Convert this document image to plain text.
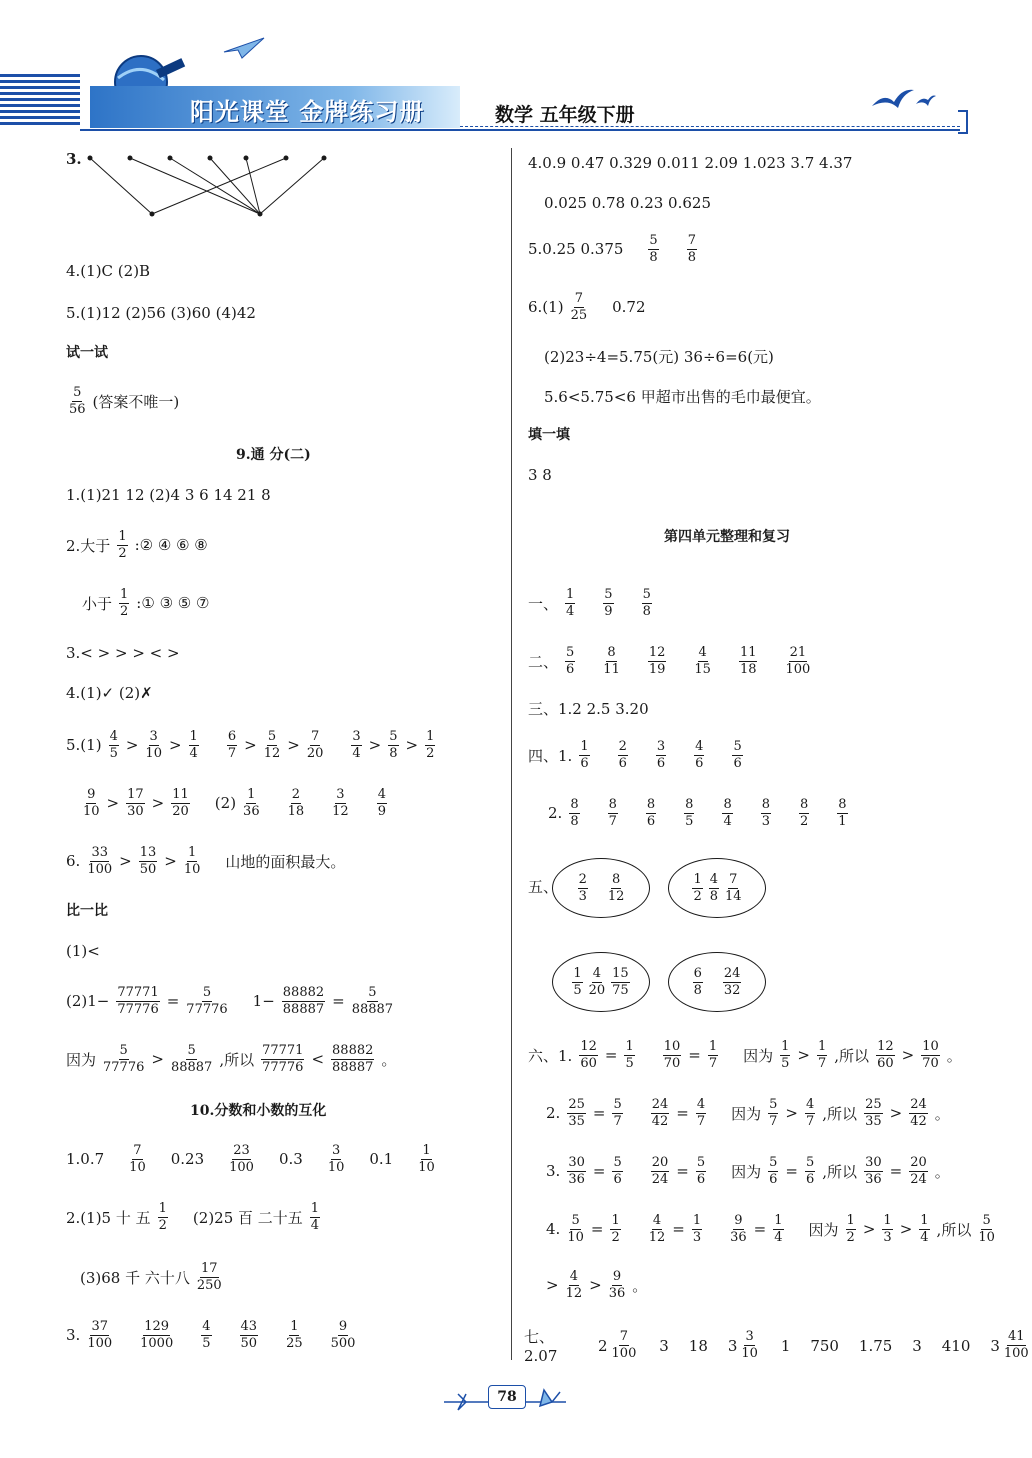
阳光课堂 金牌练习册	数学 五年级下册
3.
4.(1)C (2)B
5.(1)12 (2)56 (3)60 (4)42
试一试
5
56 (答案不唯一)
9.通 分(二)
1.(1)21 12 (2)4 3 6 14 21 8
2.大于
1
2 :② ④ ⑥ ⑧
小于
1
2 :① ③ ⑤ ⑦
3.< > > > < >
4.(1)✓ (2)✗
5.(1) 4
5 > 3
10 > 1
4
6
7 > 5
12 > 7
20
3
4 > 5
8 > 1
2
9
10 > 17
30 > 11
20 (2) 1
36
2
18
3
12
4
9
6. 33
100 > 13
50 > 1
10 山地的面积最大。
比一比
(1)<
$(2)1- \frac{77771}{77776} = 5$
77776 $1- \frac{88882}{88887} = 5$
88887
因为
5
77776 > 5
88887 ,所以
77771
77776 < 88882
88887 。
10.分数和小数的互化
1.0.7 7
10 0.23 23
100 0.3 3
10 0.1 1
10
2.(1)5 十 五
1
2 (2)25 百 二十五
1
4
(3)68 千 六十八
17
250
3. 37
100
129
1000
4
5
43
50
1
25
9
500
4.0.9 0.47 0.329 0.011 2.09 1.023 3.7 4.37
0.025 0.78 0.23 0.625
5.0.25 0.375 5
8
7
8
6.(1) 7
25 0.72
(2)23÷4=5.75(元) 36÷6=6(元)
5.6<5.75<6 甲超市出售的毛巾最便宜。
填一填
3 8
第四单元整理和复习
一、
1
4
5
9
5
8
二、
5
6
8
11
12
19
4
15
11
18
21
100
三、1.2 2.5 3.20
四、1.
1
6
2
6
3
6
4
6
5
6
2. 8
8
8
7
8
6
8
5
8
4
8
3
8
2
8
1
五、 2
3
8
12
1
2
4
8
7
14
1
5
4
20
15
75
6
8
24
32
六、1.
12
60 = 1
5
10
70 = 1
7 因为
1
5 > 1
7 ,所以
12
60 > 10
70 。
2. 25
35 = 5
7
24
42 = 4
7 因为
5
7 > 4
7 ,所以
25
35 > 24
42 。
3. 30
36 = 5
6
20
24 = 5
6 因为
5
6 = 5
6 ,所以
30
36 = 20
24 。
4. 5
10 = 1
2
4
12 = 1
3
9
36 = 1
4 因为
1
2 > 1
3 > 1
4 ,所以
5
10
> 4
12 > 9
36 。
七、2.07
2 7
100 3 18 3 3
10 1 750 1.75 3 410 3 41
100
78
